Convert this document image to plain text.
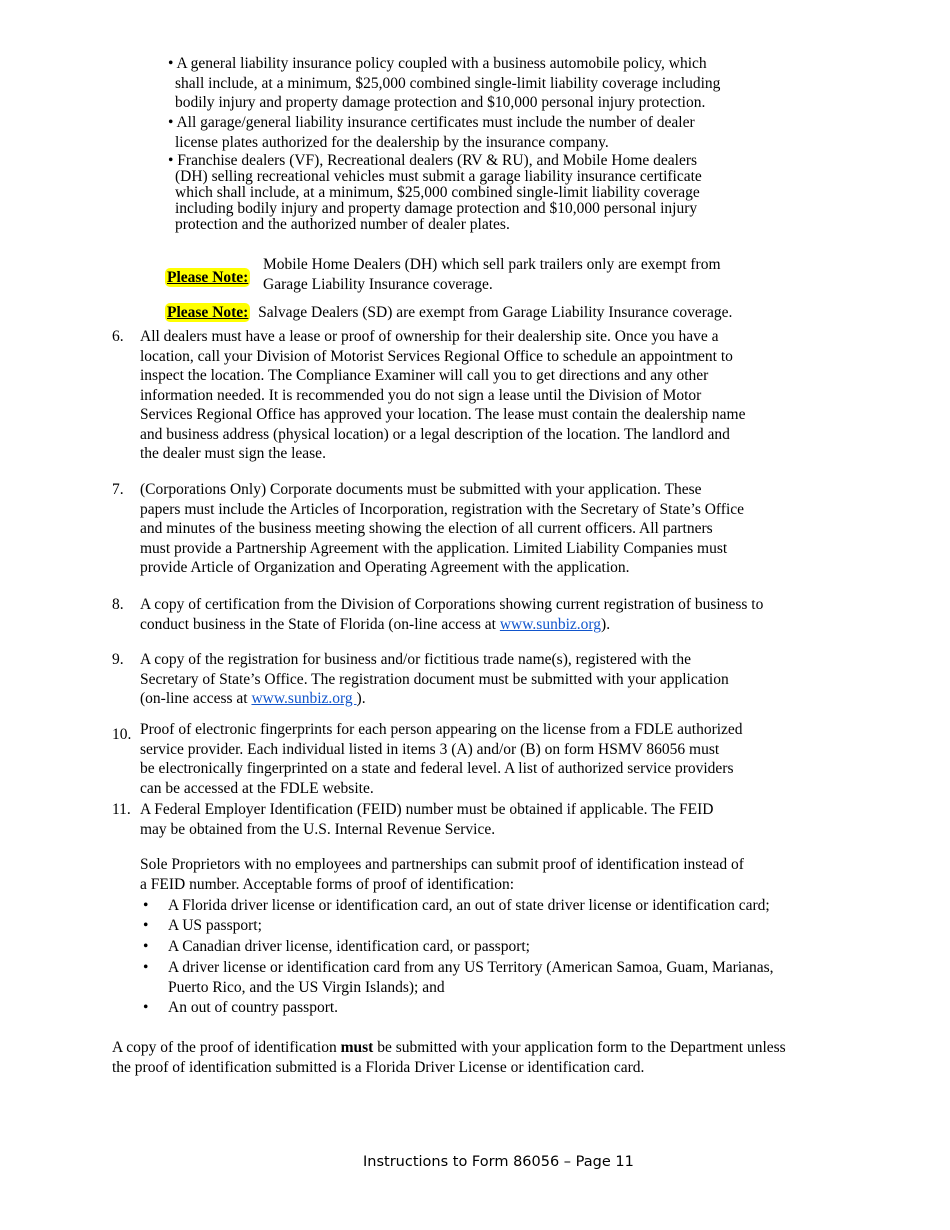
• A general liability insurance policy coupled with a business automobile policy, which
shall include, at a minimum, $25,000 combined single-limit liability coverage including
bodily injury and property damage protection and $10,000 personal injury protection.
• All garage/general liability insurance certificates must include the number of dealer
license plates authorized for the dealership by the insurance company.
• Franchise dealers (VF), Recreational dealers (RV & RU), and Mobile Home dealers
(DH) selling recreational vehicles must submit a garage liability insurance certificate
which shall include, at a minimum, $25,000 combined single-limit liability coverage
including bodily injury and property damage protection and $10,000 personal injury
protection and the authorized number of dealer plates.
Please Note:
Mobile Home Dealers (DH) which sell park trailers only are exempt from
Garage Liability Insurance coverage.
Please Note: Salvage Dealers (SD) are exempt from Garage Liability Insurance coverage.
6. All dealers must have a lease or proof of ownership for their dealership site. Once you have a
location, call your Division of Motorist Services Regional Office to schedule an appointment to
inspect the location. The Compliance Examiner will call you to get directions and any other
information needed. It is recommended you do not sign a lease until the Division of Motor
Services Regional Office has approved your location. The lease must contain the dealership name
and business address (physical location) or a legal description of the location. The landlord and
the dealer must sign the lease.
7. (Corporations Only) Corporate documents must be submitted with your application. These
papers must include the Articles of Incorporation, registration with the Secretary of State’s Office
and minutes of the business meeting showing the election of all current officers. All partners
must provide a Partnership Agreement with the application. Limited Liability Companies must
provide Article of Organization and Operating Agreement with the application.
8. A copy of certification from the Division of Corporations showing current registration of business to
conduct business in the State of Florida (on-line access at www.sunbiz.org).
9. A copy of the registration for business and/or fictitious trade name(s), registered with the
Secretary of State’s Office. The registration document must be submitted with your application
(on-line access at www.sunbiz.org ).
10. Proof of electronic fingerprints for each person appearing on the license from a FDLE authorized
service provider. Each individual listed in items 3 (A) and/or (B) on form HSMV 86056 must
be electronically fingerprinted on a state and federal level. A list of authorized service providers
can be accessed at the FDLE website.
11. A Federal Employer Identification (FEID) number must be obtained if applicable. The FEID
may be obtained from the U.S. Internal Revenue Service.
Sole Proprietors with no employees and partnerships can submit proof of identification instead of
a FEID number. Acceptable forms of proof of identification:
• A Florida driver license or identification card, an out of state driver license or identification card;
• A US passport;
• A Canadian driver license, identification card, or passport;
• A driver license or identification card from any US Territory (American Samoa, Guam, Marianas,
Puerto Rico, and the US Virgin Islands); and
• An out of country passport.
A copy of the proof of identification must be submitted with your application form to the Department unless
the proof of identification submitted is a Florida Driver License or identification card.
Instructions to Form 86056 – Page 11
